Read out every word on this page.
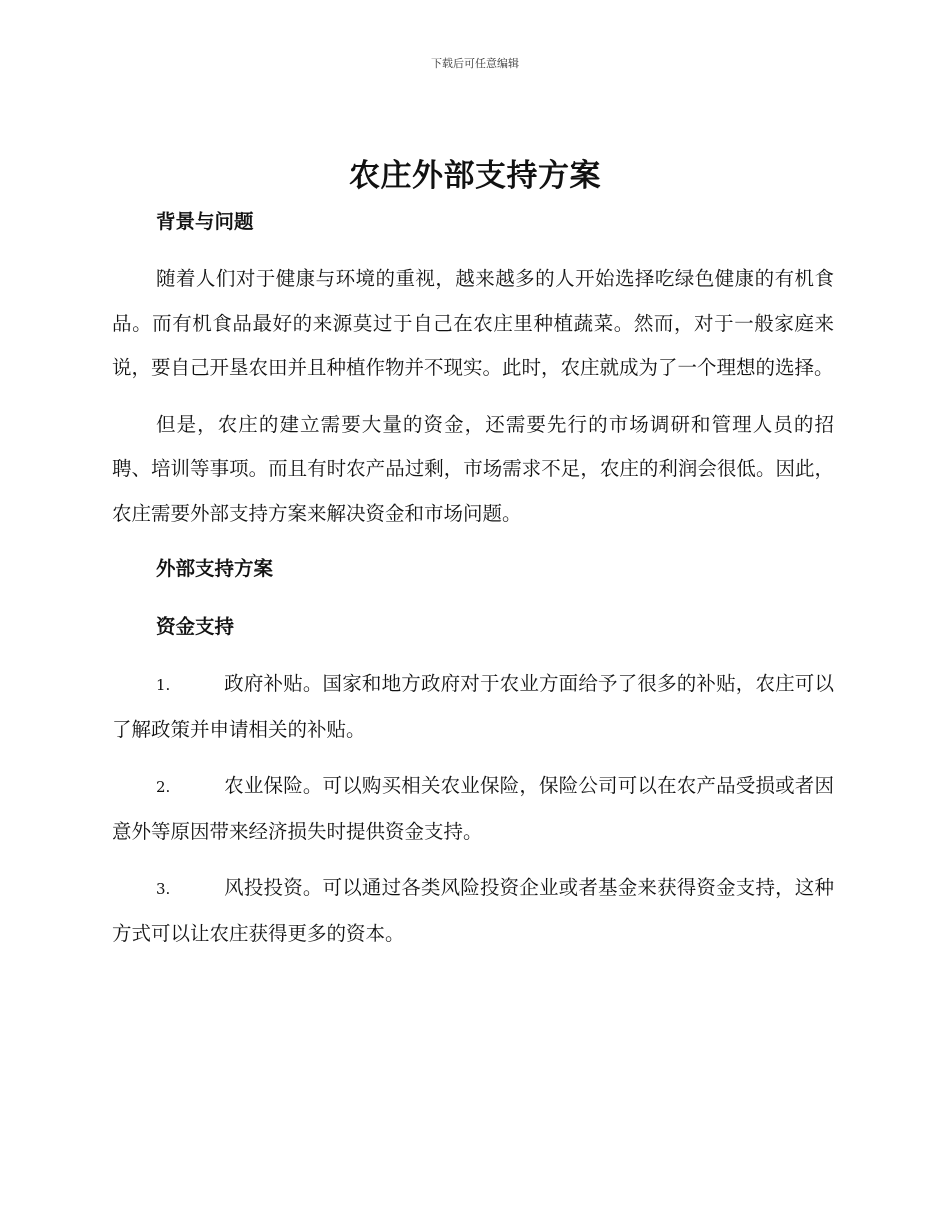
下载后可任意编辑
农庄外部支持方案

背景与问题

随着人们对于健康与环境的重视，越来越多的人开始选择吃绿色健康的有机食品。而有机食品最好的来源莫过于自己在农庄里种植蔬菜。然而，对于一般家庭来说，要自己开垦农田并且种植作物并不现实。此时，农庄就成为了一个理想的选择。

但是，农庄的建立需要大量的资金，还需要先行的市场调研和管理人员的招聘、培训等事项。而且有时农产品过剩，市场需求不足，农庄的利润会很低。因此，农庄需要外部支持方案来解决资金和市场问题。

外部支持方案

资金支持

1.	政府补贴。国家和地方政府对于农业方面给予了很多的补贴，农庄可以了解政策并申请相关的补贴。

2.	农业保险。可以购买相关农业保险，保险公司可以在农产品受损或者因意外等原因带来经济损失时提供资金支持。

3.	风投投资。可以通过各类风险投资企业或者基金来获得资金支持，这种方式可以让农庄获得更多的资本。
